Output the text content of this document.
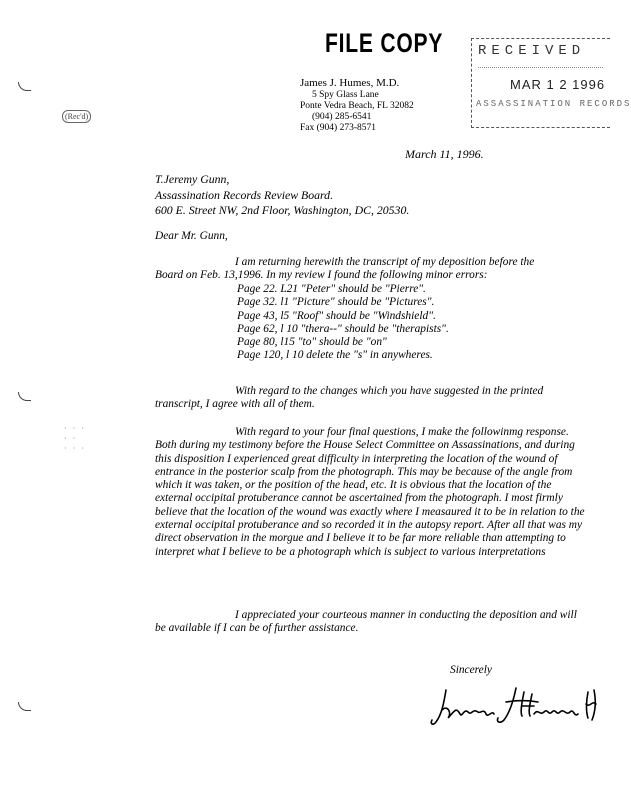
FILE COPY RECEIVED
MAR 1 2 1996
ASSASSINATION RECORDS
James J. Humes, M.D.
5 Spy Glass Lane
Ponte Vedra Beach, FL 32082
(904) 285-6541
Fax (904) 273-8571
(Rec'd)
· · ·
· ·
· · ·
March 11, 1996.
T.Jeremy Gunn,
Assassination Records Review Board.
600 E. Street NW, 2nd Floor, Washington, DC, 20530.
Dear Mr. Gunn,
I am returning herewith the transcript of my deposition before the
Board on Feb. 13,1996. In my review I found the following minor errors:
Page 22. L21 "Peter" should be "Pierre".
Page 32. l1 "Picture" should be "Pictures".
Page 43, l5 "Roof" should be "Windshield".
Page 62, l 10 "thera--" should be "therapists".
Page 80, l15 "to" should be "on"
Page 120, l 10 delete the "s" in anywheres.
With regard to the changes which you have suggested in the printed transcript, I agree with all of them.
With regard to your four final questions, I make the followinmg response. Both during my testimony before the House Select Committee on Assassinations, and during this disposition I experienced great difficulty in interpreting the location of the wound of entrance in the posterior scalp from the photograph. This may be because of the angle from which it was taken, or the position of the head, etc. It is obvious that the location of the external occipital protuberance cannot be ascertained from the photograph. I most firmly believe that the location of the wound was exactly where I measaured it to be in relation to the external occipital protuberance and so recorded it in the autopsy report. After all that was my direct observation in the morgue and I believe it to be far more reliable than attempting to interpret what I believe to be a photograph which is subject to various interpretations
I appreciated your courteous manner in conducting the deposition and will be available if I can be of further assistance.
Sincerely
